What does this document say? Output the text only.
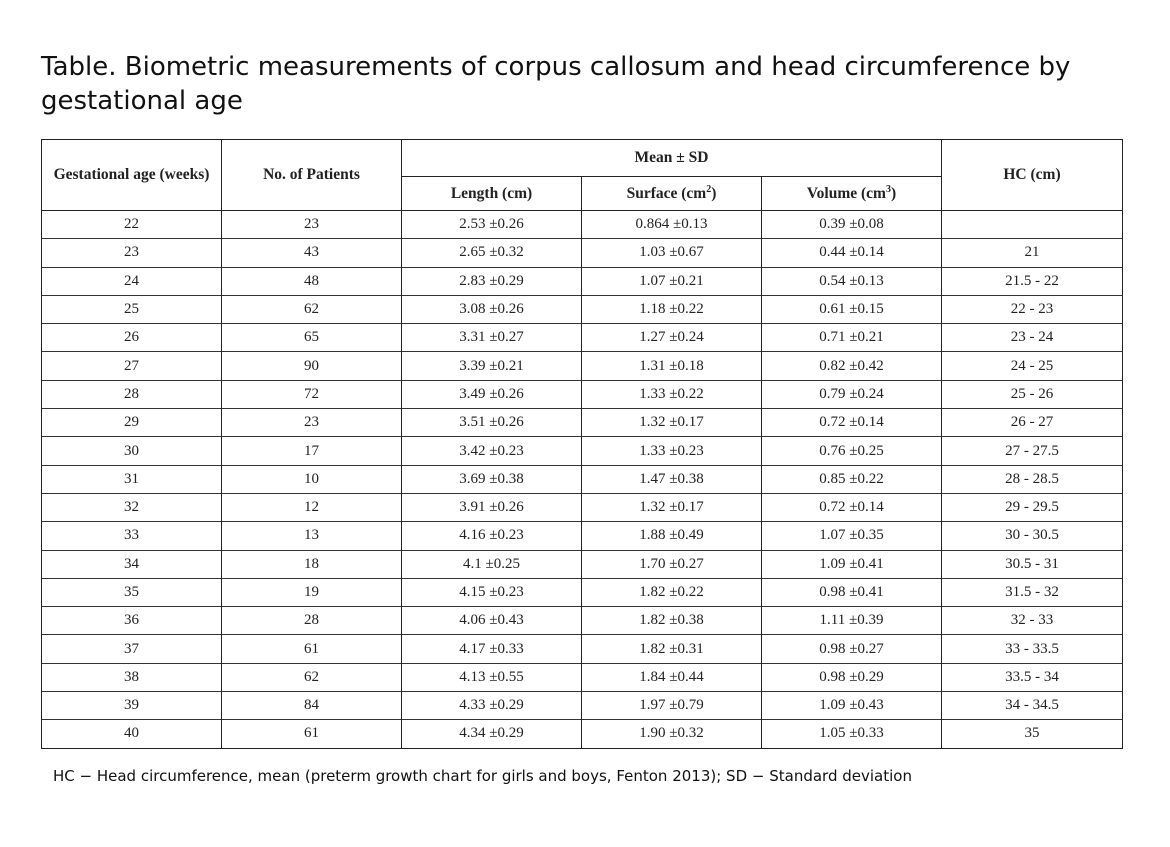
Table. Biometric measurements of corpus callosum and head circumference by gestational age
Gestational age (weeks)	No. of Patients	Mean ± SD			HC (cm)
		Length (cm)	Surface $(cm^2)$	Volume $(cm^3)$	
22	23	2.53 ±0.26	0.864 ±0.13	0.39 ±0.08	
23	43	2.65 ±0.32	1.03 ±0.67	0.44 ±0.14	21
24	48	2.83 ±0.29	1.07 ±0.21	0.54 ±0.13	21.5 - 22
25	62	3.08 ±0.26	1.18 ±0.22	0.61 ±0.15	22 - 23
26	65	3.31 ±0.27	1.27 ±0.24	0.71 ±0.21	23 - 24
27	90	3.39 ±0.21	1.31 ±0.18	0.82 ±0.42	24 - 25
28	72	3.49 ±0.26	1.33 ±0.22	0.79 ±0.24	25 - 26
29	23	3.51 ±0.26	1.32 ±0.17	0.72 ±0.14	26 - 27
30	17	3.42 ±0.23	1.33 ±0.23	0.76 ±0.25	27 - 27.5
31	10	3.69 ±0.38	1.47 ±0.38	0.85 ±0.22	28 - 28.5
32	12	3.91 ±0.26	1.32 ±0.17	0.72 ±0.14	29 - 29.5
33	13	4.16 ±0.23	1.88 ±0.49	1.07 ±0.35	30 - 30.5
34	18	4.1 ±0.25	1.70 ±0.27	1.09 ±0.41	30.5 - 31
35	19	4.15 ±0.23	1.82 ±0.22	0.98 ±0.41	31.5 - 32
36	28	4.06 ±0.43	1.82 ±0.38	1.11 ±0.39	32 - 33
37	61	4.17 ±0.33	1.82 ±0.31	0.98 ±0.27	33 - 33.5
38	62	4.13 ±0.55	1.84 ±0.44	0.98 ±0.29	33.5 - 34
39	84	4.33 ±0.29	1.97 ±0.79	1.09 ±0.43	34 - 34.5
40	61	4.34 ±0.29	1.90 ±0.32	1.05 ±0.33	35
HC − Head circumference, mean (preterm growth chart for girls and boys, Fenton 2013); SD − Standard deviation
